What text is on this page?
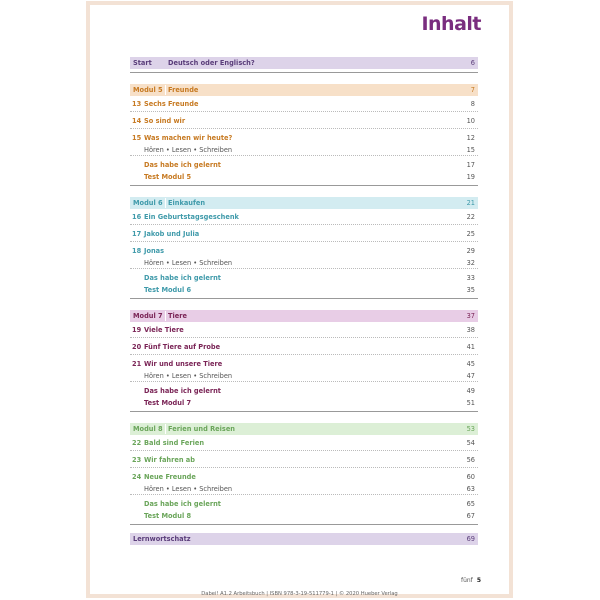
Inhalt
Start Deutsch oder Englisch?	6
Modul 5 Freunde	7
13 Sechs Freunde	8
14 So sind wir	10
15 Was machen wir heute?	12
Hören • Lesen • Schreiben	15
Das habe ich gelernt	17
Test Modul 5	19
Modul 6 Einkaufen	21
16 Ein Geburtstagsgeschenk	22
17 Jakob und Julia	25
18 Jonas	29
Hören • Lesen • Schreiben	32
Das habe ich gelernt	33
Test Modul 6	35
Modul 7 Tiere	37
19 Viele Tiere	38
20 Fünf Tiere auf Probe	41
21 Wir und unsere Tiere	45
Hören • Lesen • Schreiben	47
Das habe ich gelernt	49
Test Modul 7	51
Modul 8 Ferien und Reisen	53
22 Bald sind Ferien	54
23 Wir fahren ab	56
24 Neue Freunde	60
Hören • Lesen • Schreiben	63
Das habe ich gelernt	65
Test Modul 8	67
Lernwortschatz	69
fünf 5
Dabei! A1.2 Arbeitsbuch | ISBN 978-3-19-511779-1 | © 2020 Hueber Verlag
